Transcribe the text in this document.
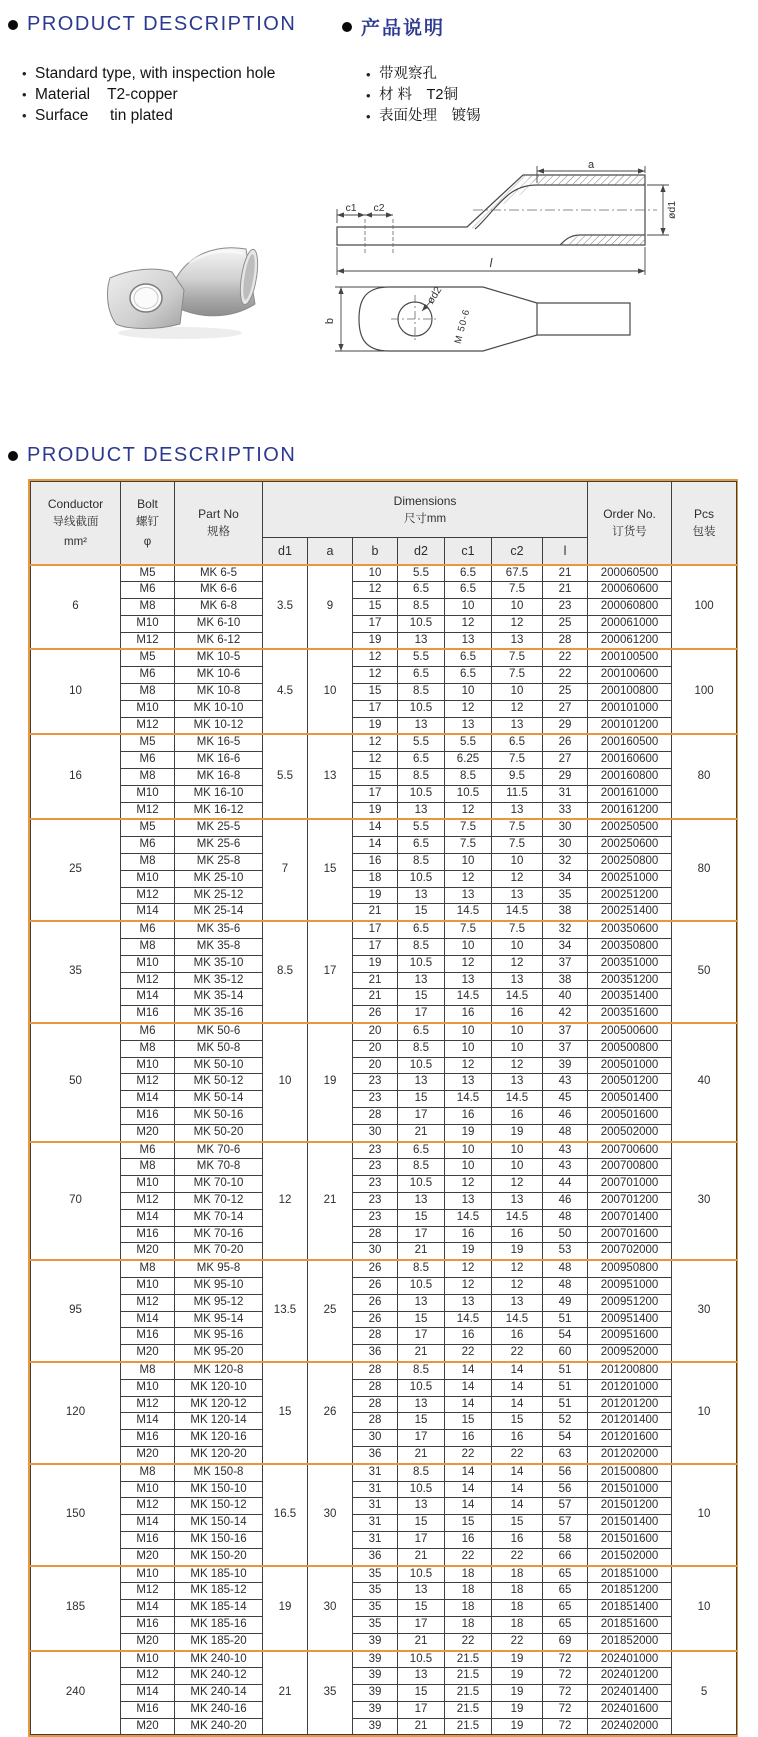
PRODUCT DESCRIPTION	产品说明
• Standard type, with inspection hole
• Material    T2-copper
• Surface     tin plated
• 带观察孔
• 材 料　T2铜
• 表面处理　镀锡
a
c1 c2	ød1
l
b
ød2
M 50-6
PRODUCT DESCRIPTION
Conductor
导线截面
mm²

Bolt
螺钉
φ

Part No
规格

Dimensions
尺寸mm	Order No.
订货号

Pcs
包装

			d1	a	b	d2	c1	c2	l		
6	M5	MK 6-5	3.5	9	10	5.5	6.5	67.5	21	200060500	100
	M6	MK 6-6			12	6.5	6.5	7.5	21	200060600	
	M8	MK 6-8			15	8.5	10	10	23	200060800	
	M10	MK 6-10			17	10.5	12	12	25	200061000	
	M12	MK 6-12			19	13	13	13	28	200061200	
10	M5	MK 10-5	4.5	10	12	5.5	6.5	7.5	22	200100500	100
	M6	MK 10-6			12	6.5	6.5	7.5	22	200100600	
	M8	MK 10-8			15	8.5	10	10	25	200100800	
	M10	MK 10-10			17	10.5	12	12	27	200101000	
	M12	MK 10-12			19	13	13	13	29	200101200	
16	M5	MK 16-5	5.5	13	12	5.5	5.5	6.5	26	200160500	80
	M6	MK 16-6			12	6.5	6.25	7.5	27	200160600	
	M8	MK 16-8			15	8.5	8.5	9.5	29	200160800	
	M10	MK 16-10			17	10.5	10.5	11.5	31	200161000	
	M12	MK 16-12			19	13	12	13	33	200161200	
25	M5	MK 25-5	7	15	14	5.5	7.5	7.5	30	200250500	80
	M6	MK 25-6			14	6.5	7.5	7.5	30	200250600	
	M8	MK 25-8			16	8.5	10	10	32	200250800	
	M10	MK 25-10			18	10.5	12	12	34	200251000	
	M12	MK 25-12			19	13	13	13	35	200251200	
	M14	MK 25-14			21	15	14.5	14.5	38	200251400	
35	M6	MK 35-6	8.5	17	17	6.5	7.5	7.5	32	200350600	50
	M8	MK 35-8			17	8.5	10	10	34	200350800	
	M10	MK 35-10			19	10.5	12	12	37	200351000	
	M12	MK 35-12			21	13	13	13	38	200351200	
	M14	MK 35-14			21	15	14.5	14.5	40	200351400	
	M16	MK 35-16			26	17	16	16	42	200351600	
50	M6	MK 50-6	10	19	20	6.5	10	10	37	200500600	40
	M8	MK 50-8			20	8.5	10	10	37	200500800	
	M10	MK 50-10			20	10.5	12	12	39	200501000	
	M12	MK 50-12			23	13	13	13	43	200501200	
	M14	MK 50-14			23	15	14.5	14.5	45	200501400	
	M16	MK 50-16			28	17	16	16	46	200501600	
	M20	MK 50-20			30	21	19	19	48	200502000	
70	M6	MK 70-6	12	21	23	6.5	10	10	43	200700600	30
	M8	MK 70-8			23	8.5	10	10	43	200700800	
	M10	MK 70-10			23	10.5	12	12	44	200701000	
	M12	MK 70-12			23	13	13	13	46	200701200	
	M14	MK 70-14			23	15	14.5	14.5	48	200701400	
	M16	MK 70-16			28	17	16	16	50	200701600	
	M20	MK 70-20			30	21	19	19	53	200702000	
95	M8	MK 95-8	13.5	25	26	8.5	12	12	48	200950800	30
	M10	MK 95-10			26	10.5	12	12	48	200951000	
	M12	MK 95-12			26	13	13	13	49	200951200	
	M14	MK 95-14			26	15	14.5	14.5	51	200951400	
	M16	MK 95-16			28	17	16	16	54	200951600	
	M20	MK 95-20			36	21	22	22	60	200952000	
120	M8	MK 120-8	15	26	28	8.5	14	14	51	201200800	10
	M10	MK 120-10			28	10.5	14	14	51	201201000	
	M12	MK 120-12			28	13	14	14	51	201201200	
	M14	MK 120-14			28	15	15	15	52	201201400	
	M16	MK 120-16			30	17	16	16	54	201201600	
	M20	MK 120-20			36	21	22	22	63	201202000	
150	M8	MK 150-8	16.5	30	31	8.5	14	14	56	201500800	10
	M10	MK 150-10			31	10.5	14	14	56	201501000	
	M12	MK 150-12			31	13	14	14	57	201501200	
	M14	MK 150-14			31	15	15	15	57	201501400	
	M16	MK 150-16			31	17	16	16	58	201501600	
	M20	MK 150-20			36	21	22	22	66	201502000	
185	M10	MK 185-10	19	30	35	10.5	18	18	65	201851000	10
	M12	MK 185-12			35	13	18	18	65	201851200	
	M14	MK 185-14			35	15	18	18	65	201851400	
	M16	MK 185-16			35	17	18	18	65	201851600	
	M20	MK 185-20			39	21	22	22	69	201852000	
240	M10	MK 240-10	21	35	39	10.5	21.5	19	72	202401000	5
	M12	MK 240-12			39	13	21.5	19	72	202401200	
	M14	MK 240-14			39	15	21.5	19	72	202401400	
	M16	MK 240-16			39	17	21.5	19	72	202401600	
	M20	MK 240-20			39	21	21.5	19	72	202402000	
